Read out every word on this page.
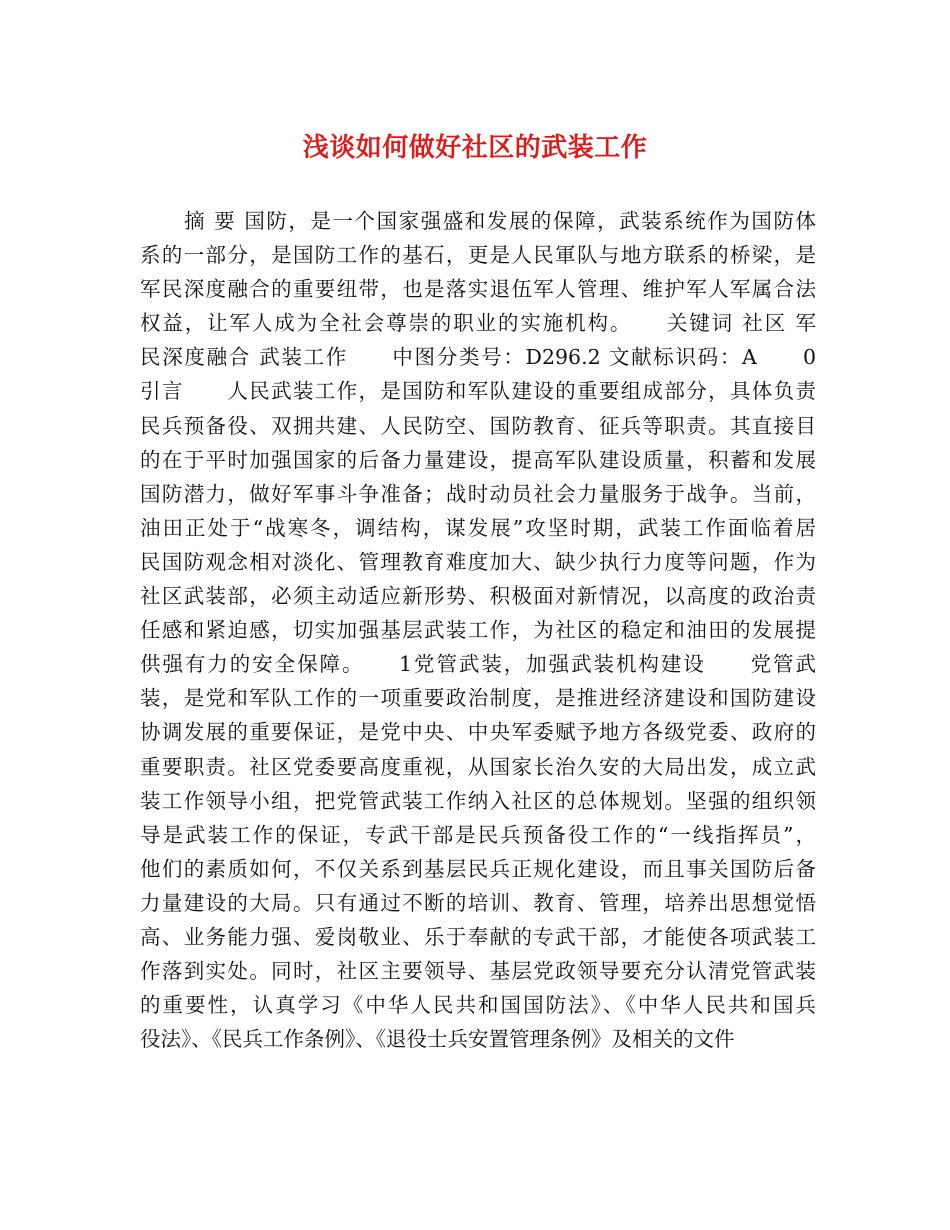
浅谈如何做好社区的武装工作
　　摘 要 国防，是一个国家强盛和发展的保障，武装系统作为国防体
系的一部分，是国防工作的基石，更是人民軍队与地方联系的桥梁，是
军民深度融合的重要纽带，也是落实退伍军人管理、维护军人军属合法
权益，让军人成为全社会尊崇的职业的实施机构。　　关键词 社区 军
民深度融合 武装工作　　中图分类号：D296.2 文献标识码：A　　0
引言　　人民武装工作，是国防和军队建设的重要组成部分，具体负责
民兵预备役、双拥共建、人民防空、国防教育、征兵等职责。其直接目
的在于平时加强国家的后备力量建设，提高军队建设质量，积蓄和发展
国防潜力，做好军事斗争准备；战时动员社会力量服务于战争。当前，
油田正处于“战寒冬，调结构，谋发展”攻坚时期，武装工作面临着居
民国防观念相对淡化、管理教育难度加大、缺少执行力度等问题，作为
社区武装部，必须主动适应新形势、积极面对新情况，以高度的政治责
任感和紧迫感，切实加强基层武装工作，为社区的稳定和油田的发展提
供强有力的安全保障。　　1党管武装，加强武装机构建设　　党管武
装，是党和军队工作的一项重要政治制度，是推进经济建设和国防建设
协调发展的重要保证，是党中央、中央军委赋予地方各级党委、政府的
重要职责。社区党委要高度重视，从国家长治久安的大局出发，成立武
装工作领导小组，把党管武装工作纳入社区的总体规划。坚强的组织领
导是武装工作的保证，专武干部是民兵预备役工作的“一线指挥员”，
他们的素质如何，不仅关系到基层民兵正规化建设，而且事关国防后备
力量建设的大局。只有通过不断的培训、教育、管理，培养出思想觉悟
高、业务能力强、爱岗敬业、乐于奉献的专武干部，才能使各项武装工
作落到实处。同时，社区主要领导、基层党政领导要充分认清党管武装
的重要性，认真学习《中华人民共和国国防法》、《中华人民共和国兵
役法》、《民兵工作条例》、《退役士兵安置管理条例》及相关的文件
